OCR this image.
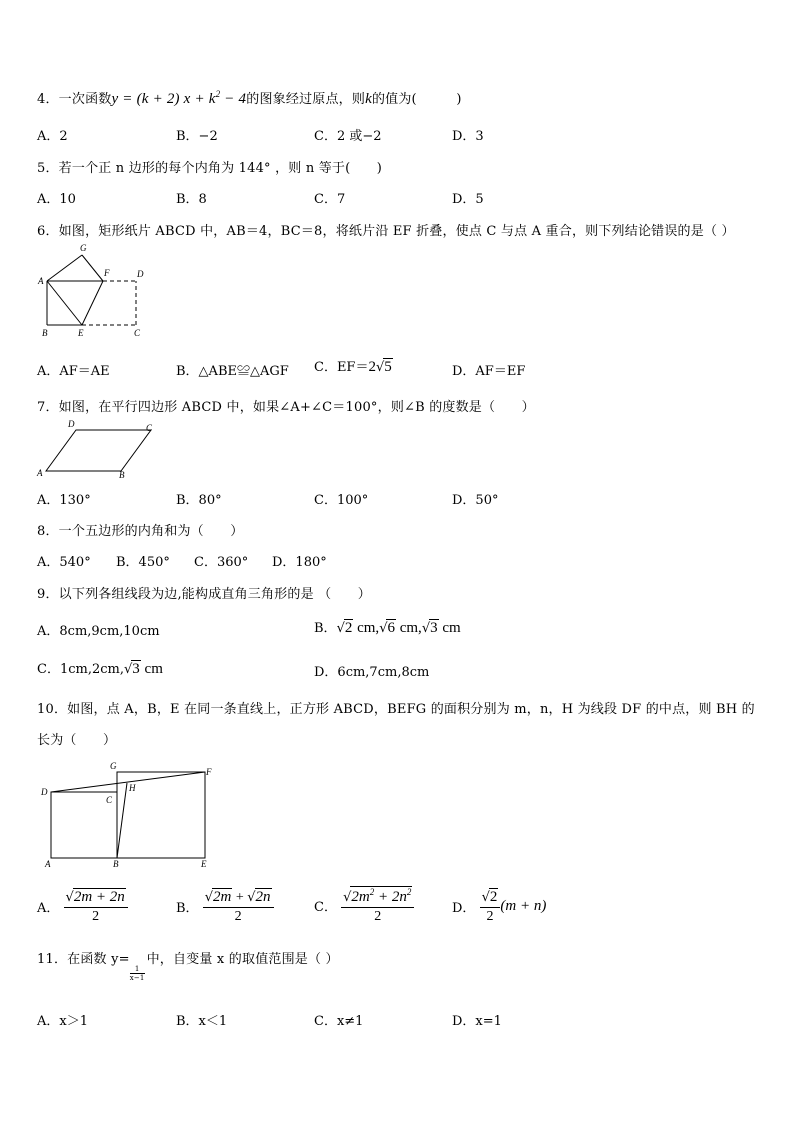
4．一次函数y = (k + 2) $x + k^2 - 4$的图象经过原点，则k的值为(　　　)
A．2	B．−2	C．2 或−2	D．3
5．若一个正 n 边形的每个内角为 144° ，则 n 等于(　　)
A．10	B．8	C．7	D．5
6．如图，矩形纸片 ABCD 中，AB＝4，BC＝8，将纸片沿 EF 折叠，使点 C 与点 A 重合，则下列结论错误的是（ ）
G
A
F	D
B	E	C
A．AF＝AE	B．△ABE≌△AGF C．EF＝2√5	D．AF＝EF
7．如图，在平行四边形 ABCD 中，如果∠A+∠C＝100°，则∠B 的度数是（　　）
D	C
A	B
A．130°	B．80°	C．100°	D．50°
8．一个五边形的内角和为（　　）
A．540° B．450° C．360° D．180°
9．以下列各组线段为边,能构成直角三角形的是 （　　）
A．8cm,9cm,10cm	B．√2 cm,√6 cm,√3 cm
C．1cm,2cm,√3 cm	D．6cm,7cm,8cm
10．如图，点 A，B，E 在同一条直线上，正方形 ABCD，BEFG 的面积分别为 m，n，H 为线段 DF 的中点，则 BH 的
长为（　　）
G
F
H
D
C
A	B	E
A． $\frac{√2m + 2n}{2}$	B． $\frac{√2m + √2n}{2}$	C． $\frac{√2m^2 + 2n^2}{2}$	D． $\frac{√2}{2} (m + n)$
11．在函数 y=
$\frac{1}{x-1}$中，自变量 x 的取值范围是（ ）
A．x＞1	B．x＜1	C．x≠1	D．x=1
